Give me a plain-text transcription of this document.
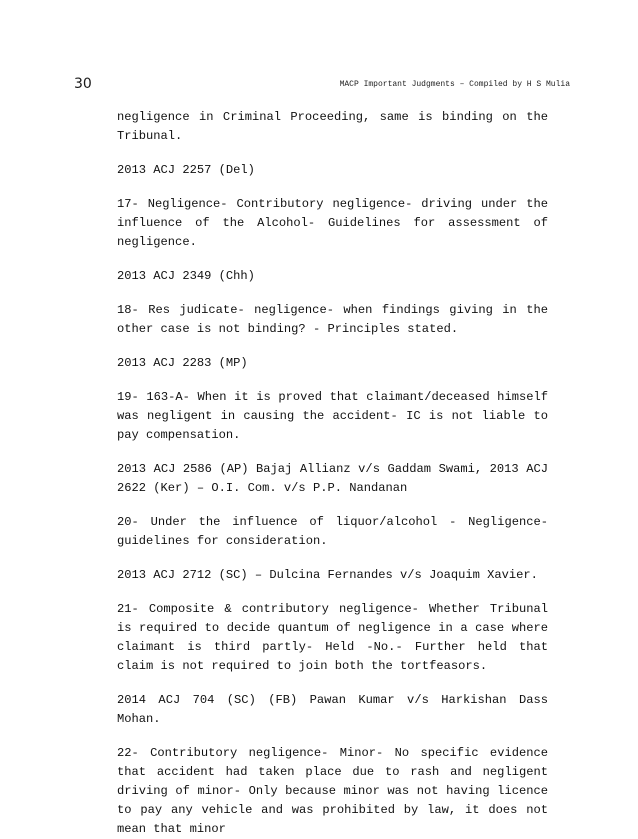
30	MACP Important Judgments – Compiled by H S Mulia

negligence in Criminal Proceeding, same is binding on the Tribunal.

2013 ACJ 2257 (Del)

17- Negligence- Contributory negligence- driving under the influence of the Alcohol- Guidelines for assessment of negligence.

2013 ACJ 2349 (Chh)

18- Res judicate- negligence- when findings giving in the other case is not binding? - Principles stated.

2013 ACJ 2283 (MP)

19- 163-A- When it is proved that claimant/deceased himself was negligent in causing the accident- IC is not liable to pay compensation.

2013 ACJ 2586 (AP) Bajaj Allianz v/s Gaddam Swami, 2013 ACJ 2622 (Ker) – O.I. Com. v/s P.P. Nandanan

20- Under the influence of liquor/alcohol - Negligence- guidelines for consideration.

2013 ACJ 2712 (SC) – Dulcina Fernandes v/s Joaquim Xavier.

21- Composite & contributory negligence- Whether Tribunal is required to decide quantum of negligence in a case where claimant is third partly- Held -No.- Further held that claim is not required to join both the tortfeasors.

2014 ACJ 704 (SC) (FB) Pawan Kumar v/s Harkishan Dass Mohan.

22- Contributory negligence- Minor- No specific evidence that accident had taken place due to rash and negligent driving of minor- Only because minor was not having licence to pay any vehicle and was prohibited by law, it does not mean that minor
